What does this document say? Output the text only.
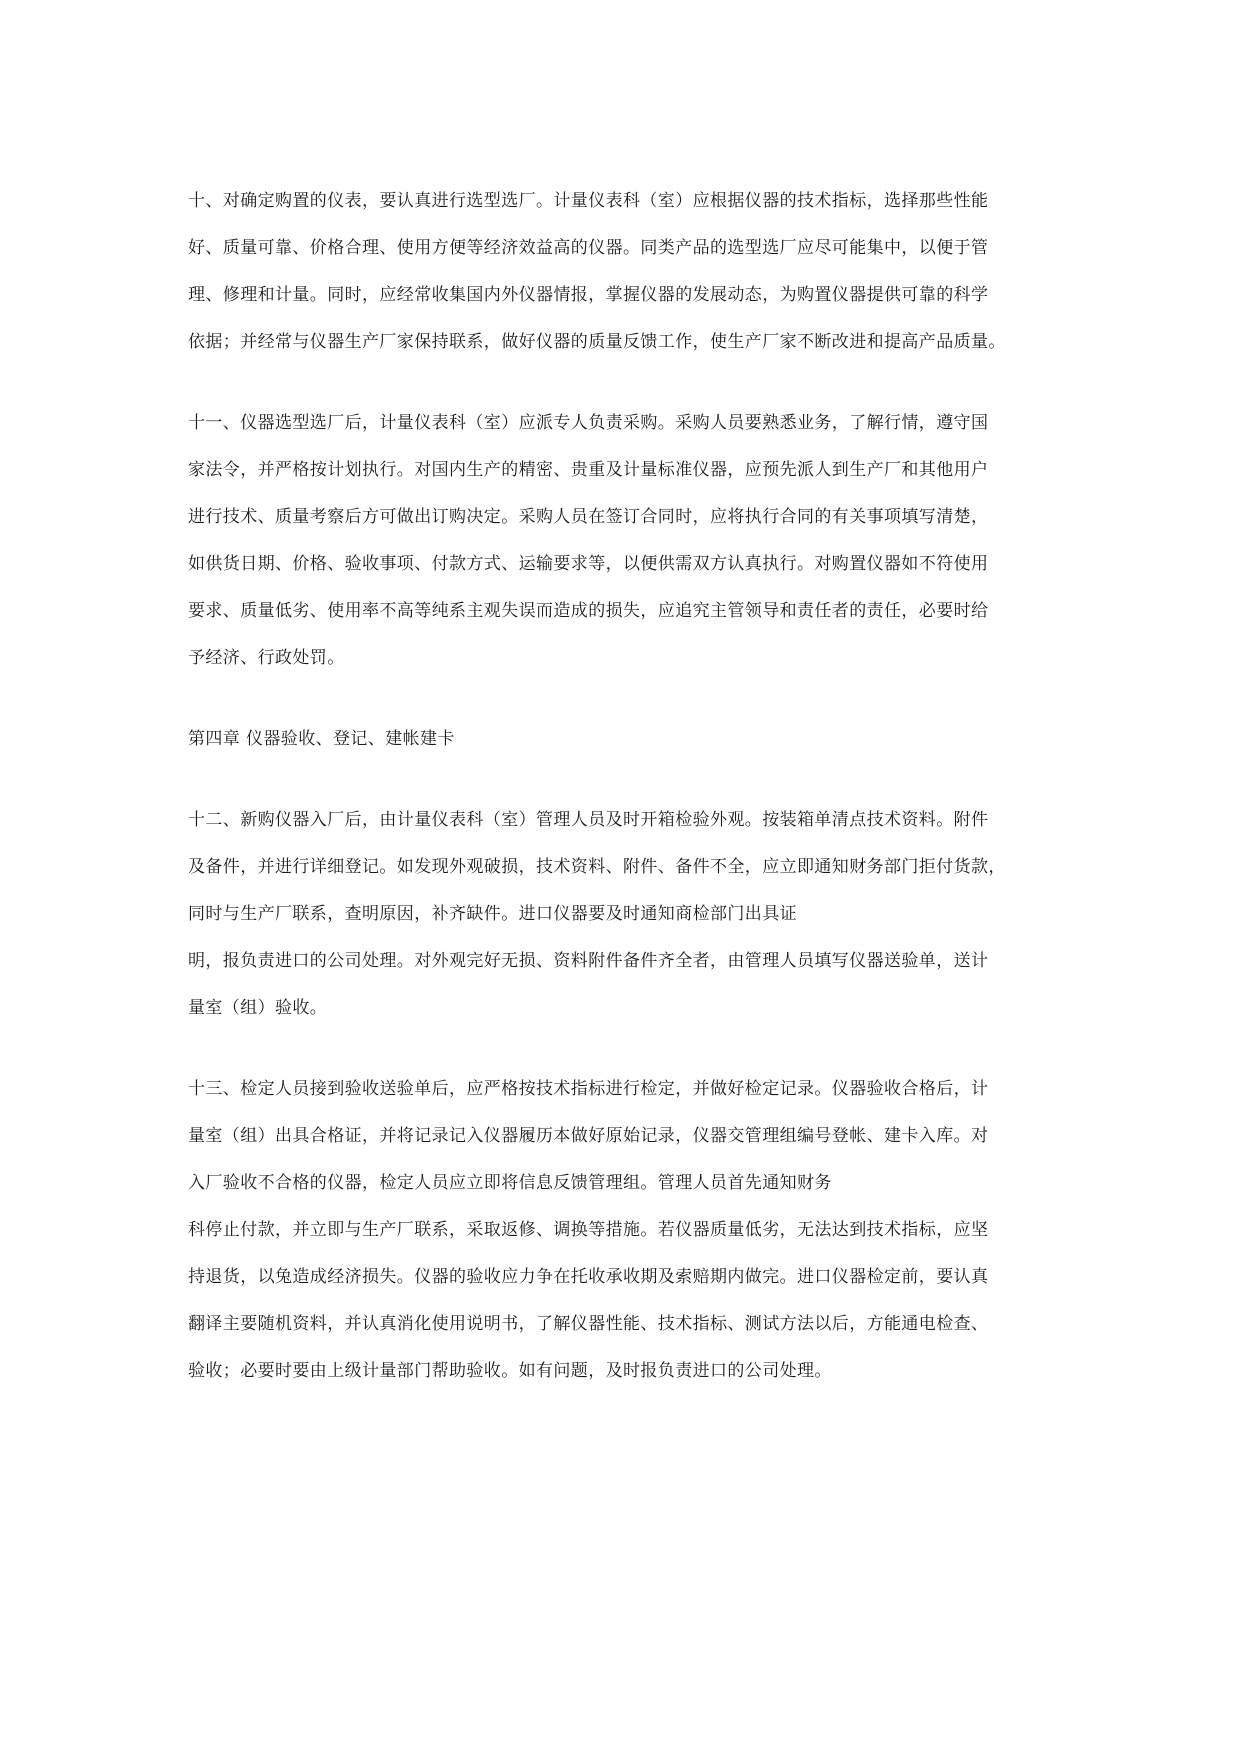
十、对确定购置的仪表，要认真进行选型选厂。计量仪表科（室）应根据仪器的技术指标，选择那些性能
好、质量可靠、价格合理、使用方便等经济效益高的仪器。同类产品的选型选厂应尽可能集中，以便于管
理、修理和计量。同时，应经常收集国内外仪器情报，掌握仪器的发展动态，为购置仪器提供可靠的科学
依据；并经常与仪器生产厂家保持联系，做好仪器的质量反馈工作，使生产厂家不断改进和提高产品质量。
十一、仪器选型选厂后，计量仪表科（室）应派专人负责采购。采购人员要熟悉业务，了解行情，遵守国
家法令，并严格按计划执行。对国内生产的精密、贵重及计量标准仪器，应预先派人到生产厂和其他用户
进行技术、质量考察后方可做出订购决定。采购人员在签订合同时，应将执行合同的有关事项填写清楚，
如供货日期、价格、验收事项、付款方式、运输要求等，以便供需双方认真执行。对购置仪器如不符使用
要求、质量低劣、使用率不高等纯系主观失误而造成的损失，应追究主管领导和责任者的责任，必要时给
予经济、行政处罚。
第四章 仪器验收、登记、建帐建卡
十二、新购仪器入厂后，由计量仪表科（室）管理人员及时开箱检验外观。按装箱单清点技术资料。附件
及备件，并进行详细登记。如发现外观破损，技术资料、附件、备件不全，应立即通知财务部门拒付货款，
同时与生产厂联系，查明原因，补齐缺件。进口仪器要及时通知商检部门出具证
明，报负责进口的公司处理。对外观完好无损、资料附件备件齐全者，由管理人员填写仪器送验单，送计
量室（组）验收。
十三、检定人员接到验收送验单后，应严格按技术指标进行检定，并做好检定记录。仪器验收合格后，计
量室（组）出具合格证，并将记录记入仪器履历本做好原始记录，仪器交管理组编号登帐、建卡入库。对
入厂验收不合格的仪器，检定人员应立即将信息反馈管理组。管理人员首先通知财务
科停止付款，并立即与生产厂联系，采取返修、调换等措施。若仪器质量低劣，无法达到技术指标，应坚
持退货，以兔造成经济损失。仪器的验收应力争在托收承收期及索赔期内做完。进口仪器检定前，要认真
翻译主要随机资料，并认真消化使用说明书，了解仪器性能、技术指标、测试方法以后，方能通电检查、
验收；必要时要由上级计量部门帮助验收。如有问题，及时报负责进口的公司处理。
